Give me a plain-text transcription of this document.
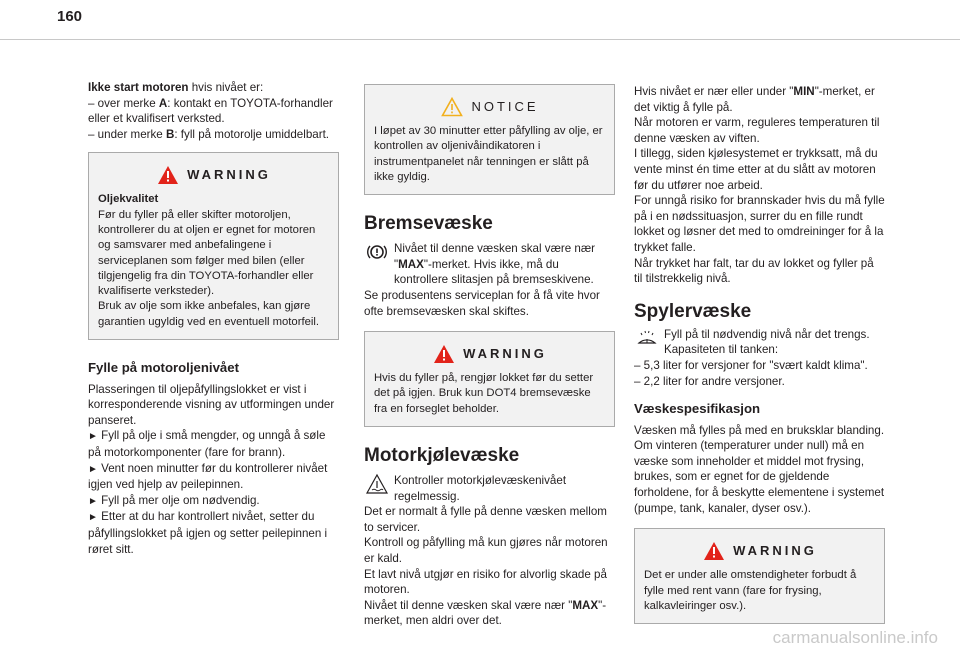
160

Ikke start motoren hvis nivået er:

– over merke A: kontakt en TOYOTA-forhandler eller et kvalifisert verksted.

– under merke B: fyll på motorolje umiddelbart.

WARNING

Oljekvalitet

Før du fyller på eller skifter motoroljen, kontrollerer du at oljen er egnet for motoren og samsvarer med anbefalingene i serviceplanen som følger med bilen (eller tilgjengelig fra din TOYOTA-forhandler eller kvalifiserte verksteder).
Bruk av olje som ikke anbefales, kan gjøre garantien ugyldig ved en eventuell motorfeil.

Fylle på motoroljenivået

Plasseringen til oljepåfyllingslokket er vist i korresponderende visning av utformingen under panseret.

► Fyll på olje i små mengder, og unngå å søle på motorkomponenter (fare for brann).

► Vent noen minutter før du kontrollerer nivået igjen ved hjelp av peilepinnen.

► Fyll på mer olje om nødvendig.

► Etter at du har kontrollert nivået, setter du påfyllingslokket på igjen og setter peilepinnen i røret sitt.

NOTICE

I løpet av 30 minutter etter påfylling av olje, er kontrollen av oljenivåindikatoren i instrumentpanelet når tenningen er slått på ikke gyldig.

Bremsevæske

Nivået til denne væsken skal være nær "MAX"-merket. Hvis ikke, må du kontrollere slitasjen på bremseskivene.

Se produsentens serviceplan for å få vite hvor ofte bremsevæsken skal skiftes.

WARNING

Hvis du fyller på, rengjør lokket før du setter det på igjen. Bruk kun DOT4 bremsevæske fra en forseglet beholder.

Motorkjølevæske

Kontroller motorkjølevæskenivået regelmessig.

Det er normalt å fylle på denne væsken mellom to servicer.

Kontroll og påfylling må kun gjøres når motoren er kald.

Et lavt nivå utgjør en risiko for alvorlig skade på motoren.

Nivået til denne væsken skal være nær "MAX"-merket, men aldri over det.

Hvis nivået er nær eller under "MIN"-merket, er det viktig å fylle på.

Når motoren er varm, reguleres temperaturen til denne væsken av viften.

I tillegg, siden kjølesystemet er trykksatt, må du vente minst én time etter at du slått av motoren før du utfører noe arbeid.

For unngå risiko for brannskader hvis du må fylle på i en nødssituasjon, surrer du en fille rundt lokket og løsner det med to omdreininger for å la trykket falle.

Når trykket har falt, tar du av lokket og fyller på til tilstrekkelig nivå.

Spylervæske

Fyll på til nødvendig nivå når det trengs.

Kapasiteten til tanken:

– 5,3 liter for versjoner for "svært kaldt klima".

– 2,2 liter for andre versjoner.

Væskespesifikasjon

Væsken må fylles på med en bruksklar blanding. Om vinteren (temperaturer under null) må en væske som inneholder et middel mot frysing, brukes, som er egnet for de gjeldende forholdene, for å beskytte elementene i systemet (pumpe, tank, kanaler, dyser osv.).

WARNING

Det er under alle omstendigheter forbudt å fylle med rent vann (fare for frysing, kalkavleiringer osv.).

carmanualsonline.info
